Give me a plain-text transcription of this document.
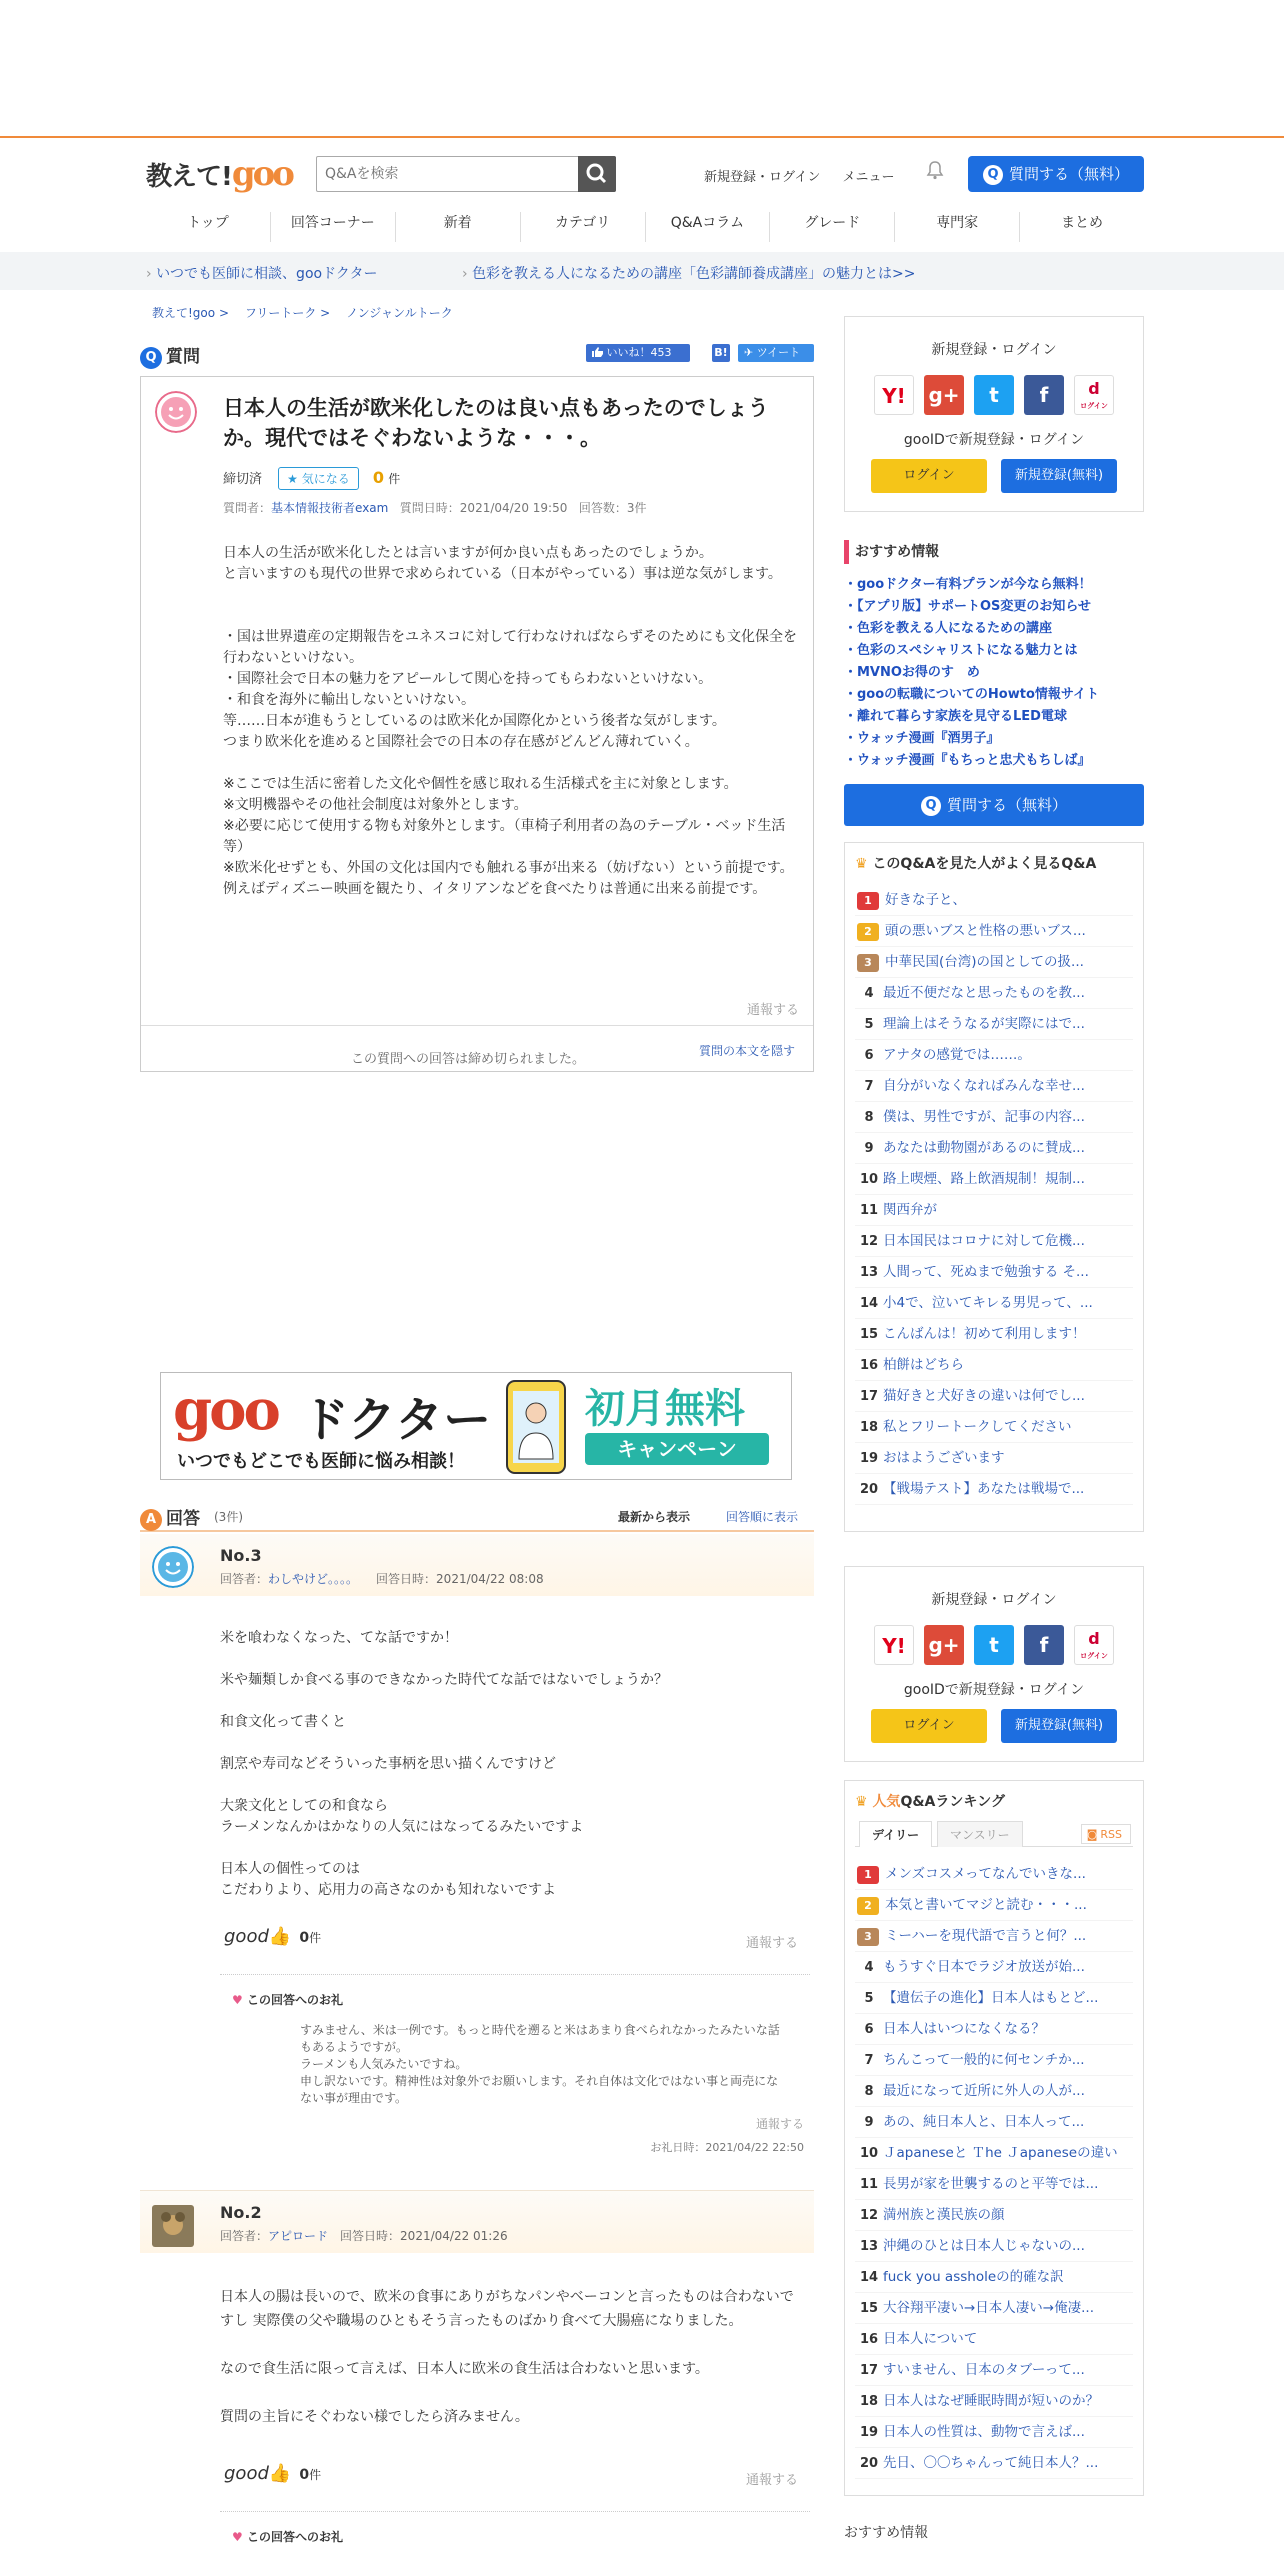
教えて!goo
Q&Aを検索	新規登録・ログイン メニュー	Q 質問する（無料）
トップ	回答コーナー	新着	カテゴリ	Q&Aコラム	グレード	専門家	まとめ
› いつでも医師に相談、gooドクター	› 色彩を教える人になるための講座「色彩講師養成講座」の魅力とは>>
教えて!goo >　 フリートーク >　 ノンジャンルトーク
Q 質問	いいね！453	B!	✈ ツイート
日本人の生活が欧米化したのは良い点もあったのでしょうか。現代ではそぐわないような・・・。
締切済 ★ 気になる 0 件
質問者：基本情報技術者exam 質問日時：2021/04/20 19:50 回答数：3件
日本人の生活が欧米化したとは言いますが何か良い点もあったのでしょうか。
と言いますのも現代の世界で求められている（日本がやっている）事は逆な気がします。

・国は世界遺産の定期報告をユネスコに対して行わなければならずそのためにも文化保全を行わないといけない。
・国際社会で日本の魅力をアピールして関心を持ってもらわないといけない。
・和食を海外に輸出しないといけない。
等……日本が進もうとしているのは欧米化か国際化かという後者な気がします。
つまり欧米化を進めると国際社会での日本の存在感がどんどん薄れていく。

※ここでは生活に密着した文化や個性を感じ取れる生活様式を主に対象とします。
※文明機器やその他社会制度は対象外とします。
※必要に応じて使用する物も対象外とします。（車椅子利用者の為のテーブル・ベッド生活等）
※欧米化せずとも、外国の文化は国内でも触れる事が出来る（妨げない）という前提です。例えばディズニー映画を観たり、イタリアンなどを食べたりは普通に出来る前提です。
通報する
この質問への回答は締め切られました。
質問の本文を隠す
goo ドクター
いつでもどこでも医師に悩み相談！
初月無料
キャンペーン
A 回答 (3件)	最新から表示	回答順に表示
No.3
回答者：わしやけど。。。。　　 回答日時：2021/04/22 08:08
米を喰わなくなった、てな話ですか！

米や麺類しか食べる事のできなかった時代てな話ではないでしょうか？

和食文化って書くと

割烹や寿司などそういった事柄を思い描くんですけど

大衆文化としての和食なら
ラーメンなんかはかなりの人気にはなってるみたいですよ

日本人の個性ってのは
こだわりより、応用力の高さなのかも知れないですよ
good👍 0件	通報する
♥ この回答へのお礼
すみません、米は一例です。もっと時代を遡ると米はあまり食べられなかったみたいな話もあるようですが。
ラーメンも人気みたいですね。
申し訳ないです。精神性は対象外でお願いします。それ自体は文化ではない事と両売になない事が理由です。
通報する
お礼日時：2021/04/22 22:50
No.2
回答者：アピロード　 回答日時：2021/04/22 01:26
日本人の腸は長いので、欧米の食事にありがちなパンやベーコンと言ったものは合わないですし 実際僕の父や職場のひともそう言ったものばかり食べて大腸癌になりました。

なので食生活に限って言えば、日本人に欧米の食生活は合わないと思います。

質問の主旨にそぐわない様でしたら済みません。
good👍 0件	通報する
♥ この回答へのお礼
新規登録・ログイン
Y!	g+	t	f	d
ログイン
gooIDで新規登録・ログイン
ログイン	新規登録(無料)
おすすめ情報
・gooドクター有料プランが今なら無料！
・【アプリ版】サポートOS変更のお知らせ
・色彩を教える人になるための講座
・色彩のスペシャリストになる魅力とは
・MVNOお得のす　め
・gooの転職についてのHowto情報サイト
・離れて暮らす家族を見守るLED電球
・ウォッチ漫画『酒男子』
・ウォッチ漫画『もちっと忠犬もちしば』
Q 質問する（無料）
♛ このQ&Aを見た人がよく見るQ&A
1 好きな子と、
2 頭の悪いブスと性格の悪いブス...
3 中華民国(台湾)の国としての扱...
4 最近不便だなと思ったものを教...
5 理論上はそうなるが実際にはで...
6 アナタの感覚では……。
7 自分がいなくなればみんな幸せ...
8 僕は、男性ですが、記事の内容...
9 あなたは動物園があるのに賛成...
10 路上喫煙、路上飲酒規制！規制...
11 関西弁が
12 日本国民はコロナに対して危機...
13 人間って、死ぬまで勉強する そ...
14 小4で、泣いてキレる男児って、...
15 こんばんは！初めて利用します！
16 柏餅はどちら
17 猫好きと犬好きの違いは何でし...
18 私とフリートークしてください
19 おはようございます
20 【戦場テスト】あなたは戦場で...
新規登録・ログイン
Y!	g+	t	f	d
ログイン
gooIDで新規登録・ログイン
ログイン	新規登録(無料)
♛ 人気Q&Aランキング
デイリー	マンスリー	◙ RSS
1 メンズコスメってなんでいきな...
2 本気と書いてマジと読む・・・...
3 ミーハーを現代語で言うと何？...
4 もうすぐ日本でラジオ放送が始...
5 【遺伝子の進化】日本人はもとど...
6 日本人はいつになくなる？
7 ちんこって一般的に何センチか...
8 最近になって近所に外人の人が...
9 あの、純日本人と、日本人って...
10 Ｊapaneseと Ｔhe Ｊapaneseの違い
11 長男が家を世襲するのと平等では...
12 満州族と漢民族の顔
13 沖縄のひとは日本人じゃないの...
14 fuck you assholeの的確な訳
15 大谷翔平凄い→日本人凄い→俺凄...
16 日本人について
17 すいません、日本のタブーって...
18 日本人はなぜ睡眠時間が短いのか？
19 日本人の性質は、動物で言えば...
20 先日、〇〇ちゃんって純日本人？...
おすすめ情報
